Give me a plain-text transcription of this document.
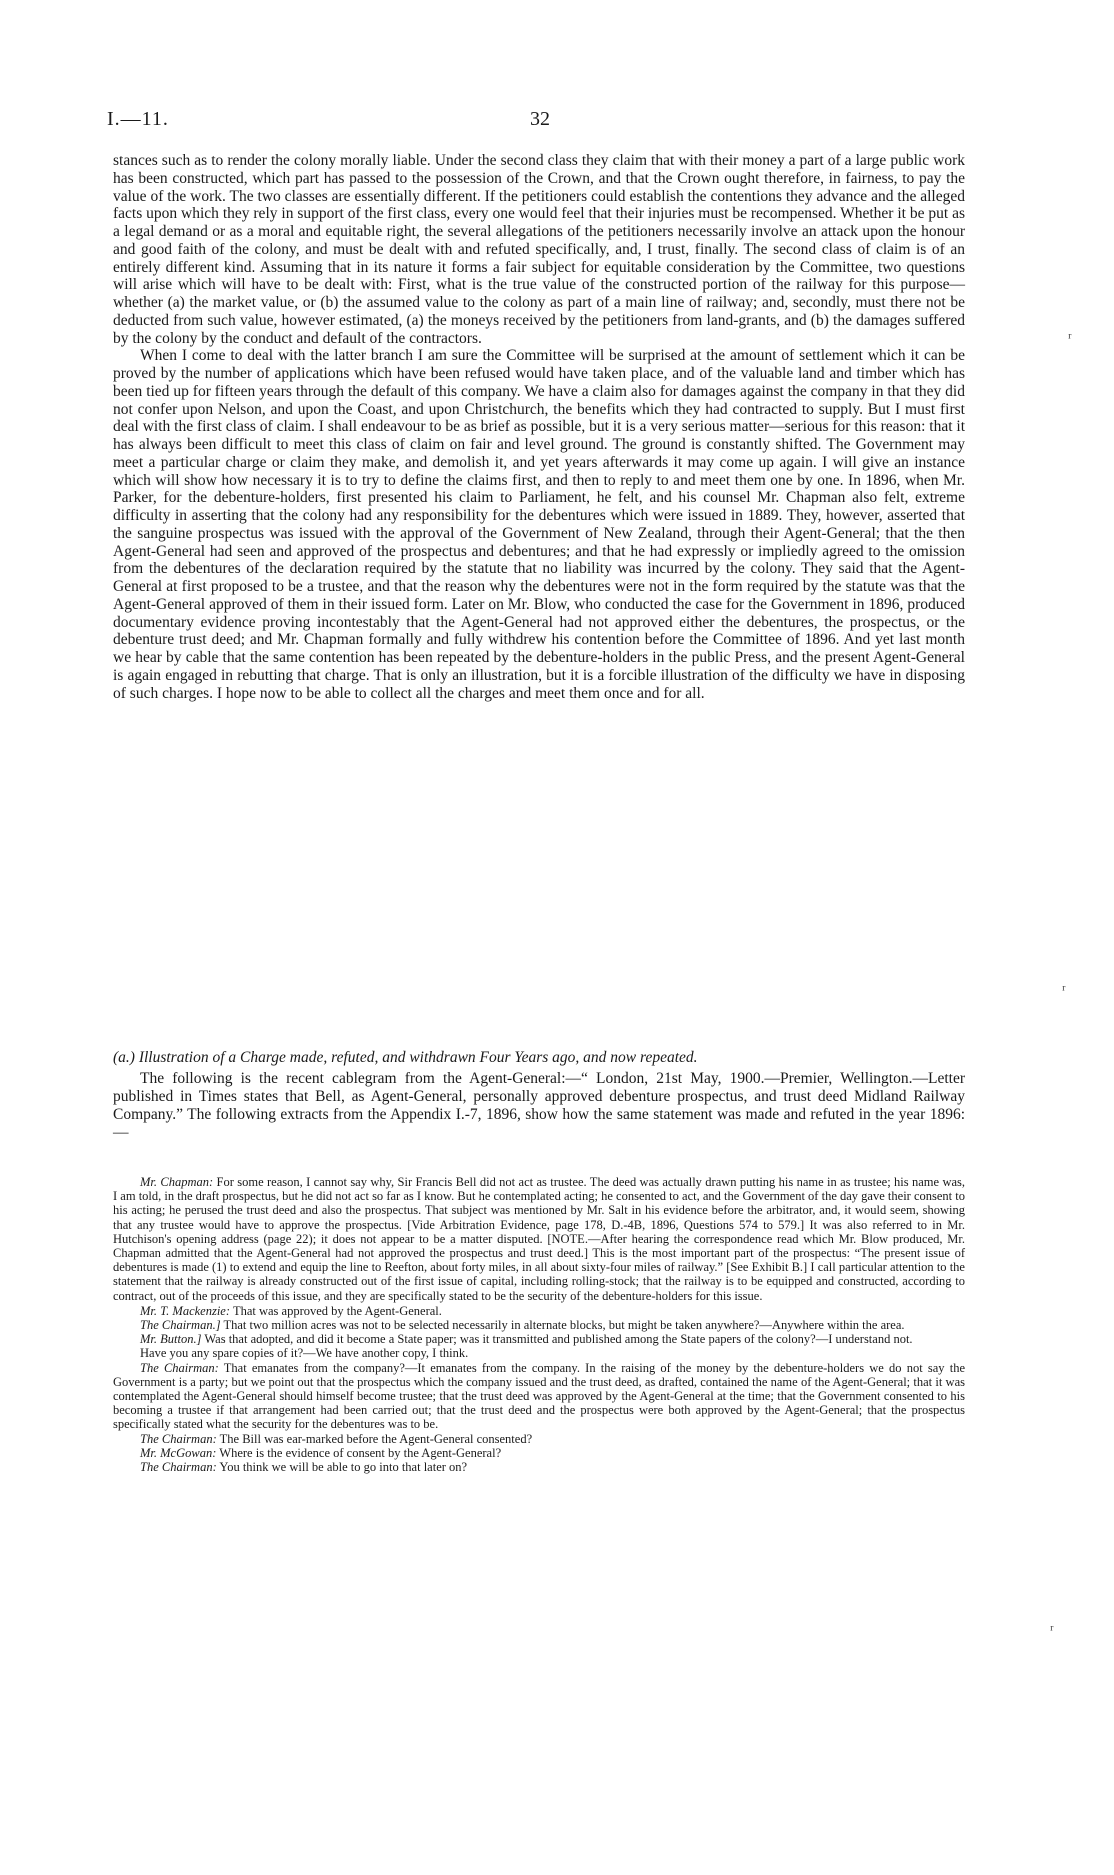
I.—11.	32

stances such as to render the colony morally liable. Under the second class they claim that with their money a part of a large public work has been constructed, which part has passed to the possession of the Crown, and that the Crown ought therefore, in fairness, to pay the value of the work. The two classes are essentially different. If the petitioners could establish the contentions they advance and the alleged facts upon which they rely in support of the first class, every one would feel that their injuries must be recompensed. Whether it be put as a legal demand or as a moral and equitable right, the several allegations of the petitioners necessarily involve an attack upon the honour and good faith of the colony, and must be dealt with and refuted specifically, and, I trust, finally. The second class of claim is of an entirely different kind. Assuming that in its nature it forms a fair subject for equitable consideration by the Committee, two questions will arise which will have to be dealt with: First, what is the true value of the constructed portion of the railway for this purpose—whether (a) the market value, or (b) the assumed value to the colony as part of a main line of railway; and, secondly, must there not be deducted from such value, however estimated, (a) the moneys received by the petitioners from land-grants, and (b) the damages suffered by the colony by the conduct and default of the contractors.

When I come to deal with the latter branch I am sure the Committee will be surprised at the amount of settlement which it can be proved by the number of applications which have been refused would have taken place, and of the valuable land and timber which has been tied up for fifteen years through the default of this company. We have a claim also for damages against the company in that they did not confer upon Nelson, and upon the Coast, and upon Christchurch, the benefits which they had contracted to supply. But I must first deal with the first class of claim. I shall endeavour to be as brief as possible, but it is a very serious matter—serious for this reason: that it has always been difficult to meet this class of claim on fair and level ground. The ground is constantly shifted. The Government may meet a particular charge or claim they make, and demolish it, and yet years afterwards it may come up again. I will give an instance which will show how necessary it is to try to define the claims first, and then to reply to and meet them one by one. In 1896, when Mr. Parker, for the debenture-holders, first presented his claim to Parliament, he felt, and his counsel Mr. Chapman also felt, extreme difficulty in asserting that the colony had any responsibility for the debentures which were issued in 1889. They, however, asserted that the sanguine prospectus was issued with the approval of the Government of New Zealand, through their Agent-General; that the then Agent-General had seen and approved of the prospectus and debentures; and that he had expressly or impliedly agreed to the omission from the debentures of the declaration required by the statute that no liability was incurred by the colony. They said that the Agent-General at first proposed to be a trustee, and that the reason why the debentures were not in the form required by the statute was that the Agent-General approved of them in their issued form. Later on Mr. Blow, who conducted the case for the Government in 1896, produced documentary evidence proving incontestably that the Agent-General had not approved either the debentures, the prospectus, or the debenture trust deed; and Mr. Chapman formally and fully withdrew his contention before the Committee of 1896. And yet last month we hear by cable that the same contention has been repeated by the debenture-holders in the public Press, and the present Agent-General is again engaged in rebutting that charge. That is only an illustration, but it is a forcible illustration of the difficulty we have in disposing of such charges. I hope now to be able to collect all the charges and meet them once and for all.

(a.) Illustration of a Charge made, refuted, and withdrawn Four Years ago, and now repeated.

The following is the recent cablegram from the Agent-General:—“ London, 21st May, 1900.—Premier, Wellington.—Letter published in Times states that Bell, as Agent-General, personally approved debenture prospectus, and trust deed Midland Railway Company.” The following extracts from the Appendix I.-7, 1896, show how the same statement was made and refuted in the year 1896:—

Mr. Chapman: For some reason, I cannot say why, Sir Francis Bell did not act as trustee. The deed was actually drawn putting his name in as trustee; his name was, I am told, in the draft prospectus, but he did not act so far as I know. But he contemplated acting; he consented to act, and the Government of the day gave their consent to his acting; he perused the trust deed and also the prospectus. That subject was mentioned by Mr. Salt in his evidence before the arbitrator, and, it would seem, showing that any trustee would have to approve the prospectus. [Vide Arbitration Evidence, page 178, D.-4B, 1896, Questions 574 to 579.] It was also referred to in Mr. Hutchison's opening address (page 22); it does not appear to be a matter disputed. [NOTE.—After hearing the correspondence read which Mr. Blow produced, Mr. Chapman admitted that the Agent-General had not approved the prospectus and trust deed.] This is the most important part of the prospectus: “The present issue of debentures is made (1) to extend and equip the line to Reefton, about forty miles, in all about sixty-four miles of railway.” [See Exhibit B.] I call particular attention to the statement that the railway is already constructed out of the first issue of capital, including rolling-stock; that the railway is to be equipped and constructed, according to contract, out of the proceeds of this issue, and they are specifically stated to be the security of the debenture-holders for this issue.

Mr. T. Mackenzie: That was approved by the Agent-General.

The Chairman.] That two million acres was not to be selected necessarily in alternate blocks, but might be taken anywhere?—Anywhere within the area.

Mr. Button.] Was that adopted, and did it become a State paper; was it transmitted and published among the State papers of the colony?—I understand not.

Have you any spare copies of it?—We have another copy, I think.

The Chairman: That emanates from the company?—It emanates from the company. In the raising of the money by the debenture-holders we do not say the Government is a party; but we point out that the prospectus which the company issued and the trust deed, as drafted, contained the name of the Agent-General; that it was contemplated the Agent-General should himself become trustee; that the trust deed was approved by the Agent-General at the time; that the Government consented to his becoming a trustee if that arrangement had been carried out; that the trust deed and the prospectus were both approved by the Agent-General; that the prospectus specifically stated what the security for the debentures was to be.

The Chairman: The Bill was ear-marked before the Agent-General consented?

Mr. McGowan: Where is the evidence of consent by the Agent-General?

The Chairman: You think we will be able to go into that later on?

ʳ
ʳ
ʳ
